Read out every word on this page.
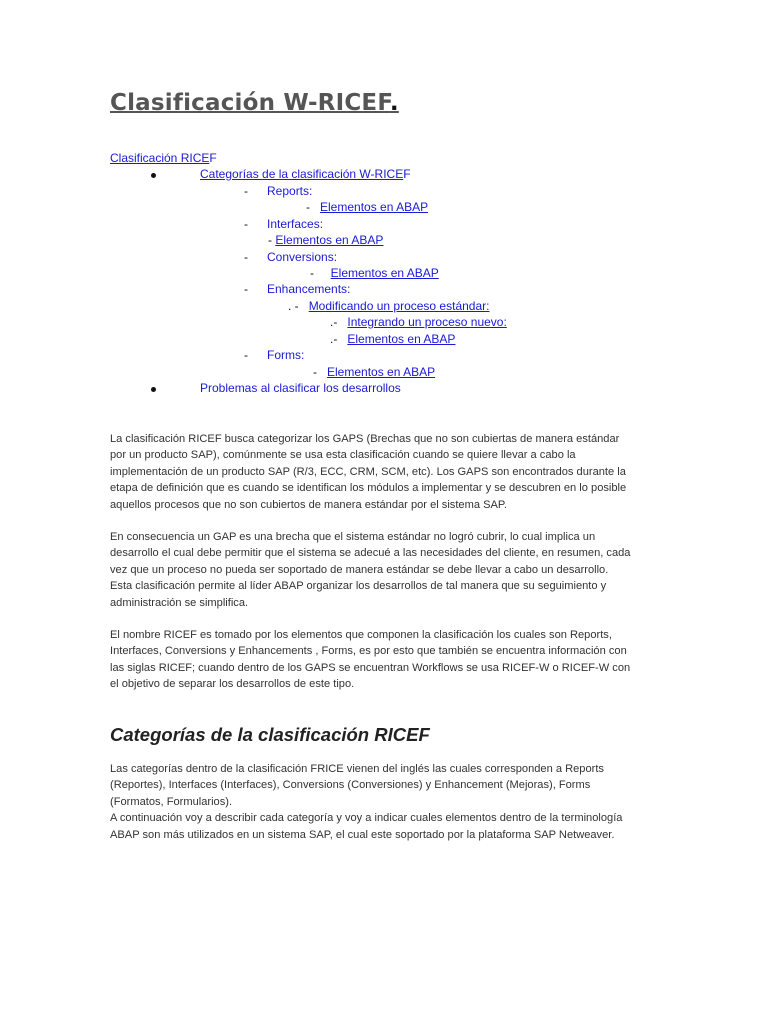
Clasificación W-RICEF.
Clasificación RICEF
Categorías de la clasificación W-RICEF
- Reports:
- Elementos en ABAP
- Interfaces:
- Elementos en ABAP
- Conversions:
- Elementos en ABAP
- Enhancements:
. - Modificando un proceso estándar:
.- Integrando un proceso nuevo:
.- Elementos en ABAP
- Forms:
- Elementos en ABAP
Problemas al clasificar los desarrollos
La clasificación RICEF busca categorizar los GAPS (Brechas que no son cubiertas de manera estándar
por un producto SAP), comúnmente se usa esta clasificación cuando se quiere llevar a cabo la
implementación de un producto SAP (R/3, ECC, CRM, SCM, etc). Los GAPS son encontrados durante la
etapa de definición que es cuando se identifican los módulos a implementar y se descubren en lo posible
aquellos procesos que no son cubiertos de manera estándar por el sistema SAP.
En consecuencia un GAP es una brecha que el sistema estándar no logró cubrir, lo cual implica un
desarrollo el cual debe permitir que el sistema se adecué a las necesidades del cliente, en resumen, cada
vez que un proceso no pueda ser soportado de manera estándar se debe llevar a cabo un desarrollo.
Esta clasificación permite al líder ABAP organizar los desarrollos de tal manera que su seguimiento y
administración se simplifica.
El nombre RICEF es tomado por los elementos que componen la clasificación los cuales son Reports,
Interfaces, Conversions y Enhancements , Forms, es por esto que también se encuentra información con
las siglas RICEF; cuando dentro de los GAPS se encuentran Workflows se usa RICEF-W o RICEF-W con
el objetivo de separar los desarrollos de este tipo.
Categorías de la clasificación RICEF
Las categorías dentro de la clasificación FRICE vienen del inglés las cuales corresponden a Reports
(Reportes), Interfaces (Interfaces), Conversions (Conversiones) y Enhancement (Mejoras), Forms
(Formatos, Formularios).
A continuación voy a describir cada categoría y voy a indicar cuales elementos dentro de la terminología
ABAP son más utilizados en un sistema SAP, el cual este soportado por la plataforma SAP Netweaver.
